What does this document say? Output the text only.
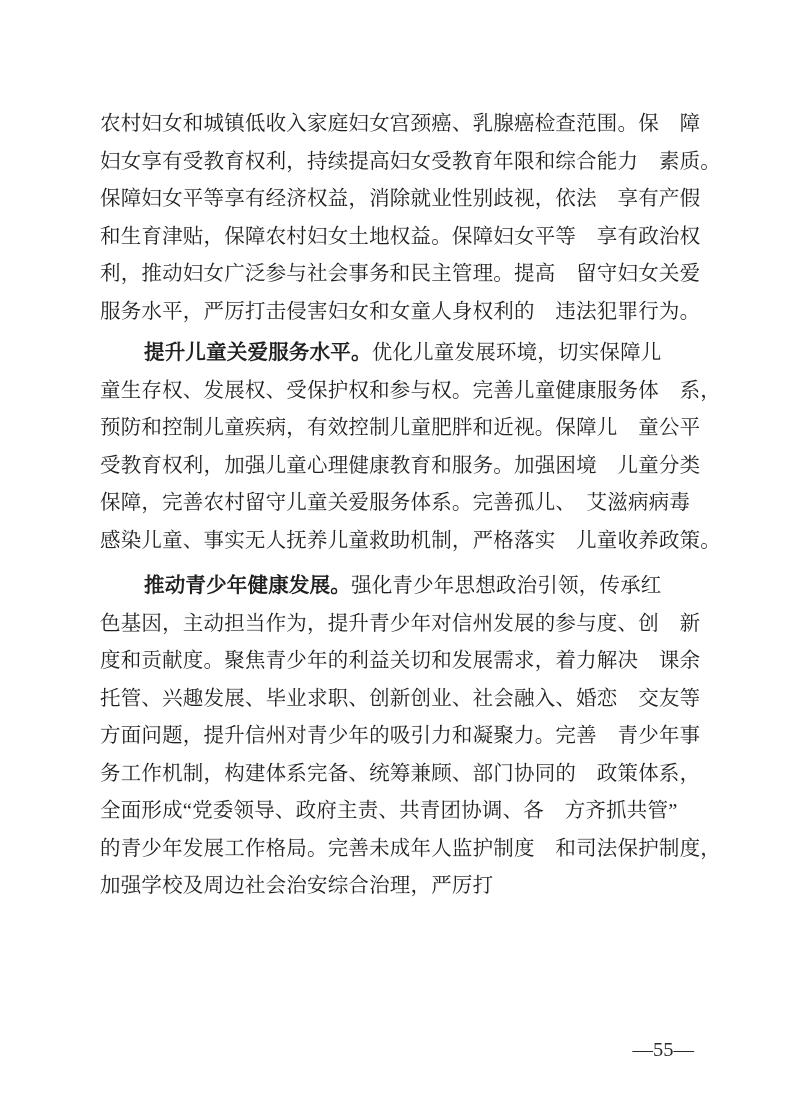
农村妇女和城镇低收入家庭妇女宫颈癌、乳腺癌检查范围。保　障
妇女享有受教育权利，持续提高妇女受教育年限和综合能力　素质。
保障妇女平等享有经济权益，消除就业性别歧视，依法　享有产假
和生育津贴，保障农村妇女土地权益。保障妇女平等　享有政治权
利，推动妇女广泛参与社会事务和民主管理。提高　留守妇女关爱
服务水平，严厉打击侵害妇女和女童人身权利的　违法犯罪行为。
提升儿童关爱服务水平。优化儿童发展环境，切实保障儿
童生存权、发展权、受保护权和参与权。完善儿童健康服务体　系，
预防和控制儿童疾病，有效控制儿童肥胖和近视。保障儿　童公平
受教育权利，加强儿童心理健康教育和服务。加强困境　儿童分类
保障，完善农村留守儿童关爱服务体系。完善孤儿、　艾滋病病毒
感染儿童、事实无人抚养儿童救助机制，严格落实　儿童收养政策。
推动青少年健康发展。强化青少年思想政治引领，传承红
色基因，主动担当作为，提升青少年对信州发展的参与度、创　新
度和贡献度。聚焦青少年的利益关切和发展需求，着力解决　课余
托管、兴趣发展、毕业求职、创新创业、社会融入、婚恋　交友等
方面问题，提升信州对青少年的吸引力和凝聚力。完善　青少年事
务工作机制，构建体系完备、统筹兼顾、部门协同的　政策体系，
全面形成“党委领导、政府主责、共青团协调、各　方齐抓共管”
的青少年发展工作格局。完善未成年人监护制度　和司法保护制度，
加强学校及周边社会治安综合治理，严厉打
—55—
